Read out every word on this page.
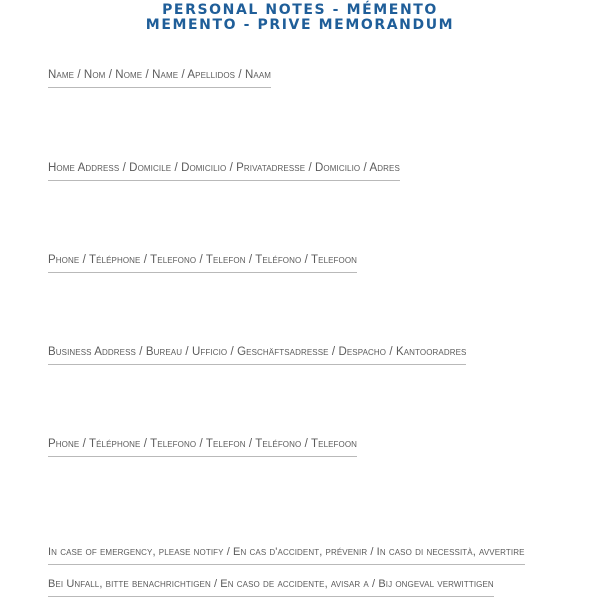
PERSONAL NOTES - MÉMENTO
MEMENTO - PRIVE MEMORANDUM
Name / Nom / Nome / Name / Apellidos / Naam
Home Address / Domicile / Domicilio / Privatadresse / Domicilio / Adres
Phone / Téléphone / Telefono / Telefon / Teléfono / Telefoon
Business Address / Bureau / Ufficio / Geschäftsadresse / Despacho / Kantooradres
Phone / Téléphone / Telefono / Telefon / Teléfono / Telefoon
In case of emergency, please notify / En cas d'accident, prévenir / In caso di necessità, avvertire
Bei Unfall, bitte benachrichtigen / En caso de accidente, avisar a / Bij ongeval verwittigen
